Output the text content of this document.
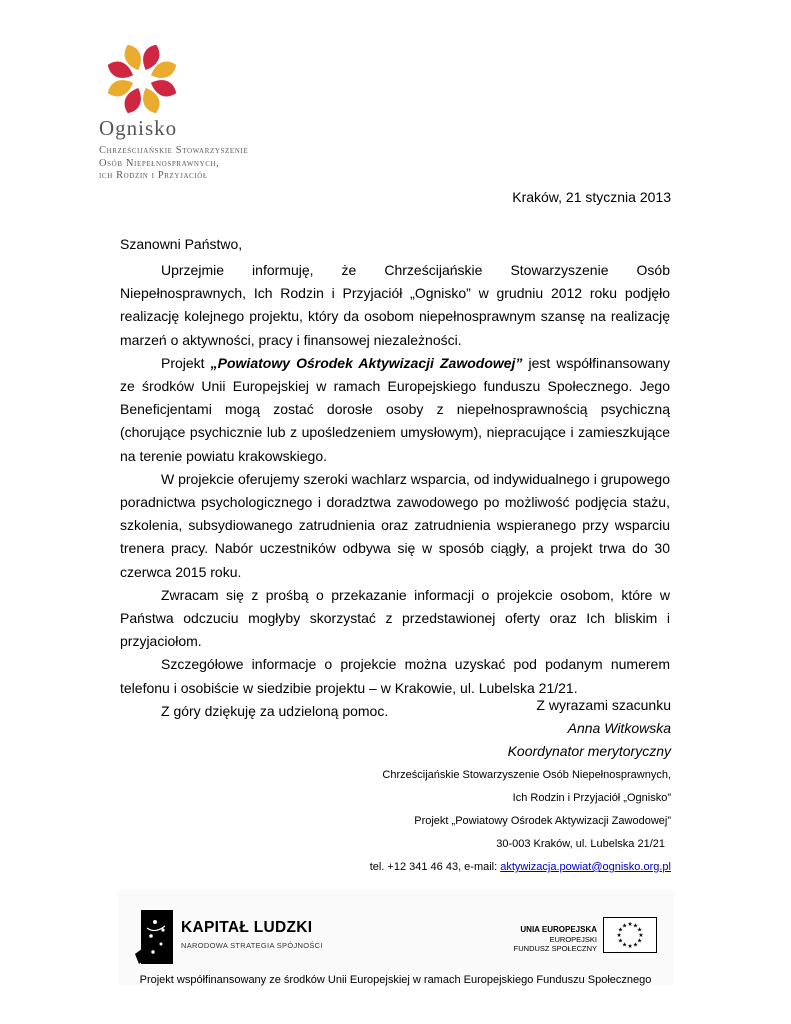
Ognisko
Chrześcijańskie Stowarzyszenie
Osób Niepełnosprawnych,
ich Rodzin i Przyjaciół
Kraków, 21 stycznia 2013
Szanowni Państwo,

Uprzejmie informuję, że Chrześcijańskie Stowarzyszenie Osób Niepełnosprawnych, Ich Rodzin i Przyjaciół „Ognisko” w grudniu 2012 roku podjęło realizację kolejnego projektu, który da osobom niepełnosprawnym szansę na realizację marzeń o aktywności, pracy i finansowej niezależności.

Projekt „Powiatowy Ośrodek Aktywizacji Zawodowej” jest współfinansowany ze środków Unii Europejskiej w ramach Europejskiego funduszu Społecznego. Jego Beneficjentami mogą zostać dorosłe osoby z niepełnosprawnością psychiczną (chorujące psychicznie lub z upośledzeniem umysłowym), niepracujące i zamieszkujące na terenie powiatu krakowskiego.

W projekcie oferujemy szeroki wachlarz wsparcia, od indywidualnego i grupowego poradnictwa psychologicznego i doradztwa zawodowego po możliwość podjęcia stażu, szkolenia, subsydiowanego zatrudnienia oraz zatrudnienia wspieranego przy wsparciu trenera pracy. Nabór uczestników odbywa się w sposób ciągły, a projekt trwa do 30 czerwca 2015 roku.

Zwracam się z prośbą o przekazanie informacji o projekcie osobom, które w Państwa odczuciu mogłyby skorzystać z przedstawionej oferty oraz Ich bliskim i przyjaciołom.

Szczegółowe informacje o projekcie można uzyskać pod podanym numerem telefonu i osobiście w siedzibie projektu – w Krakowie, ul. Lubelska 21/21.

Z góry dziękuję za udzieloną pomoc.	Z wyrazami szacunku
Anna Witkowska
Koordynator merytoryczny
Chrześcijańskie Stowarzyszenie Osób Niepełnosprawnych,
Ich Rodzin i Przyjaciół „Ognisko”
Projekt „Powiatowy Ośrodek Aktywizacji Zawodowej”
30-003 Kraków, ul. Lubelska 21/21
tel. +12 341 46 43, e-mail: aktywizacja.powiat@ognisko.org.pl
KAPITAŁ LUDZKI
NARODOWA STRATEGIA SPÓJNOŚCI
UNIA EUROPEJSKA
EUROPEJSKI
FUNDUSZ SPOŁECZNY
★
★
★
★
★
★
★
★
★ ★ ★
★
Projekt współfinansowany ze środków Unii Europejskiej w ramach Europejskiego Funduszu Społecznego
